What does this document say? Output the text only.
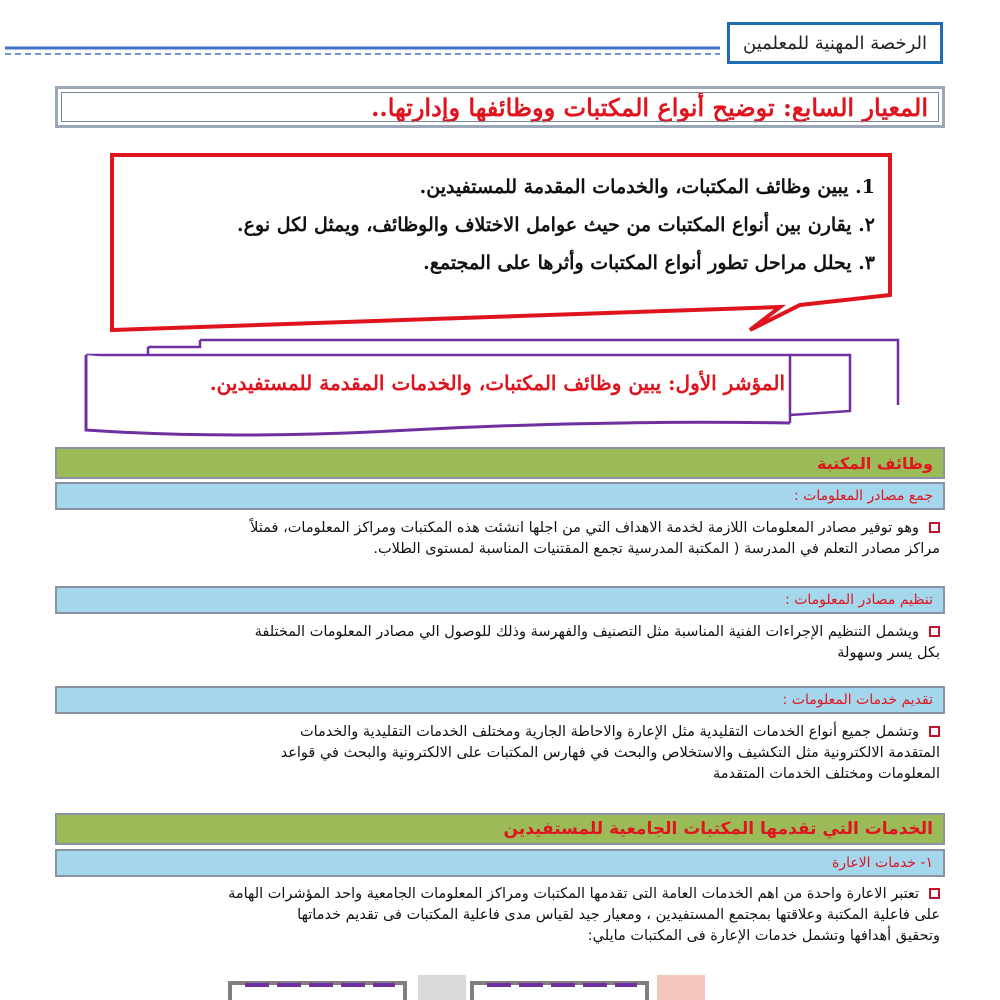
الرخصة المهنية للمعلمين
المعيار السابع: توضيح أنواع المكتبات ووظائفها وإدارتها..
1. يبين وظائف المكتبات، والخدمات المقدمة للمستفيدين.
٢. يقارن بين أنواع المكتبات من حيث عوامل الاختلاف والوظائف، ويمثل لكل نوع.
٣. يحلل مراحل تطور أنواع المكتبات وأثرها على المجتمع.
المؤشر الأول: يبين وظائف المكتبات، والخدمات المقدمة للمستفيدين.
وظائف المكتبة
جمع مصادر المعلومات :
وهو توفير مصادر المعلومات اللازمة لخدمة الاهداف التي من اجلها انشئت هذه المكتبات ومراكز المعلومات، فمثلاً
مراكز مصادر التعلم في المدرسة ( المكتبة المدرسية تجمع المقتنيات المناسبة لمستوى الطلاب.
تنظيم مصادر المعلومات :
ويشمل التنظيم الإجراءات الفنية المناسبة مثل التصنيف والفهرسة وذلك للوصول الي مصادر المعلومات المختلفة
بكل يسر وسهولة
تقديم خدمات المعلومات :
وتشمل جميع أنواع الخدمات التقليدية مثل الإعارة والاحاطة الجارية ومختلف الخدمات التقليدية والخدمات
المتقدمة الالكترونية مثل التكشيف والاستخلاص والبحث في فهارس المكتبات على الالكترونية والبحث في قواعد
المعلومات ومختلف الخدمات المتقدمة
الخدمات التي تقدمها المكتبات الجامعية للمستفيدين
١- خدمات الاعارة
تعتبر الاعارة واحدة من اهم الخدمات العامة التى تقدمها المكتبات ومراكز المعلومات الجامعية واحد المؤشرات الهامة
على فاعلية المكتبة وعلاقتها بمجتمع المستفيدين ، ومعيار جيد لقياس مدى فاعلية المكتبات فى تقديم خدماتها
وتحقيق أهدافها وتشمل خدمات الإعارة فى المكتبات مايلي:
